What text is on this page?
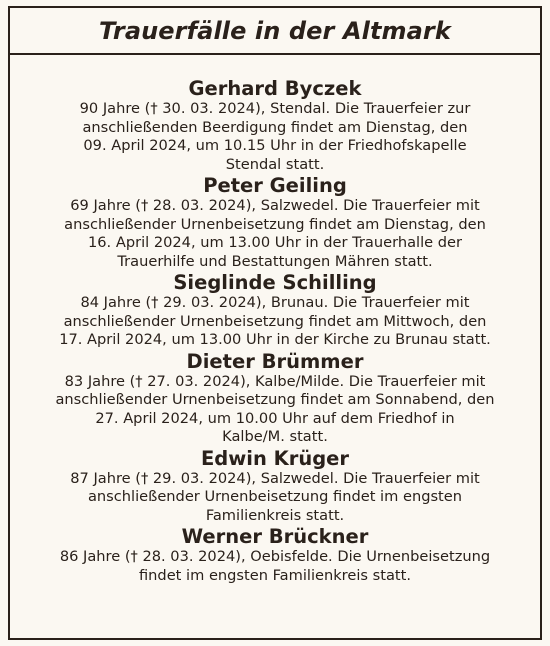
Trauerfälle in der Altmark
Gerhard Byczek
90 Jahre († 30. 03. 2024), Stendal. Die Trauerfeier zur
anschließenden Beerdigung findet am Dienstag, den
09. April 2024, um 10.15 Uhr in der Friedhofskapelle
Stendal statt.
Peter Geiling
69 Jahre († 28. 03. 2024), Salzwedel. Die Trauerfeier mit
anschließender Urnenbeisetzung findet am Dienstag, den
16. April 2024, um 13.00 Uhr in der Trauerhalle der
Trauerhilfe und Bestattungen Mähren statt.
Sieglinde Schilling
84 Jahre († 29. 03. 2024), Brunau. Die Trauerfeier mit
anschließender Urnenbeisetzung findet am Mittwoch, den
17. April 2024, um 13.00 Uhr in der Kirche zu Brunau statt.
Dieter Brümmer
83 Jahre († 27. 03. 2024), Kalbe/Milde. Die Trauerfeier mit
anschließender Urnenbeisetzung findet am Sonnabend, den
27. April 2024, um 10.00 Uhr auf dem Friedhof in
Kalbe/M. statt.
Edwin Krüger
87 Jahre († 29. 03. 2024), Salzwedel. Die Trauerfeier mit
anschließender Urnenbeisetzung findet im engsten
Familienkreis statt.
Werner Brückner
86 Jahre († 28. 03. 2024), Oebisfelde. Die Urnenbeisetzung
findet im engsten Familienkreis statt.
